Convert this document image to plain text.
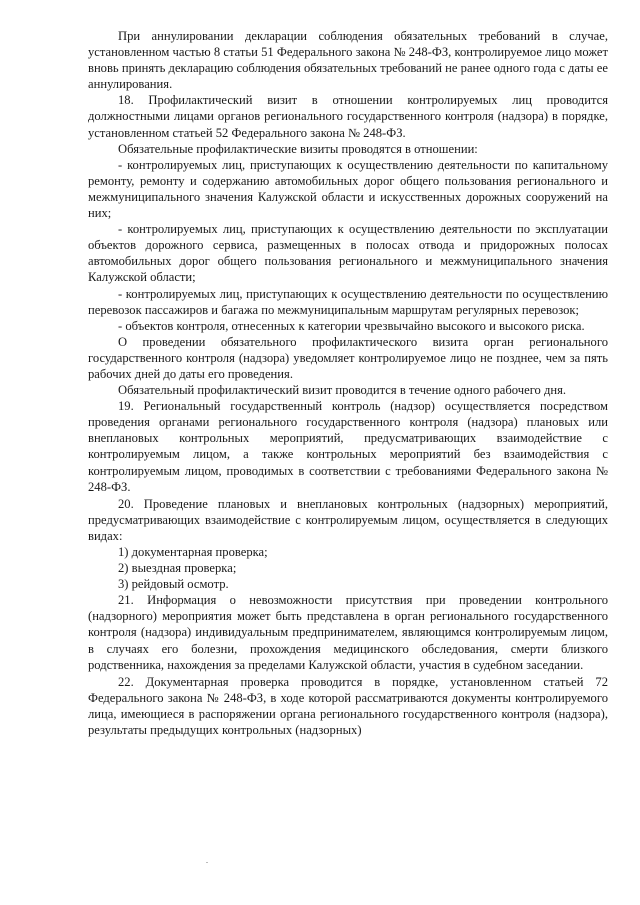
При аннулировании декларации соблюдения обязательных требований в случае, установленном частью 8 статьи 51 Федерального закона № 248-ФЗ, контролируемое лицо может вновь принять декларацию соблюдения обязательных требований не ранее одного года с даты ее аннулирования.

18. Профилактический визит в отношении контролируемых лиц проводится должностными лицами органов регионального государственного контроля (надзора) в порядке, установленном статьей 52 Федерального закона № 248-ФЗ.

Обязательные профилактические визиты проводятся в отношении:

- контролируемых лиц, приступающих к осуществлению деятельности по капитальному ремонту, ремонту и содержанию автомобильных дорог общего пользования регионального и межмуниципального значения Калужской области и искусственных дорожных сооружений на них;

- контролируемых лиц, приступающих к осуществлению деятельности по эксплуатации объектов дорожного сервиса, размещенных в полосах отвода и придорожных полосах автомобильных дорог общего пользования регионального и межмуниципального значения Калужской области;

- контролируемых лиц, приступающих к осуществлению деятельности по осуществлению перевозок пассажиров и багажа по межмуниципальным маршрутам регулярных перевозок;

- объектов контроля, отнесенных к категории чрезвычайно высокого и высокого риска.

О проведении обязательного профилактического визита орган регионального государственного контроля (надзора) уведомляет контролируемое лицо не позднее, чем за пять рабочих дней до даты его проведения.

Обязательный профилактический визит проводится в течение одного рабочего дня.

19. Региональный государственный контроль (надзор) осуществляется посредством проведения органами регионального государственного контроля (надзора) плановых или внеплановых контрольных мероприятий, предусматривающих взаимодействие с контролируемым лицом, а также контрольных мероприятий без взаимодействия с контролируемым лицом, проводимых в соответствии с требованиями Федерального закона № 248-ФЗ.

20. Проведение плановых и внеплановых контрольных (надзорных) мероприятий, предусматривающих взаимодействие с контролируемым лицом, осуществляется в следующих видах:

1) документарная проверка;

2) выездная проверка;

3) рейдовый осмотр.

21. Информация о невозможности присутствия при проведении контрольного (надзорного) мероприятия может быть представлена в орган регионального государственного контроля (надзора) индивидуальным предпринимателем, являющимся контролируемым лицом, в случаях его болезни, прохождения медицинского обследования, смерти близкого родственника, нахождения за пределами Калужской области, участия в судебном заседании.

22. Документарная проверка проводится в порядке, установленном статьей 72 Федерального закона № 248-ФЗ, в ходе которой рассматриваются документы контролируемого лица, имеющиеся в распоряжении органа регионального государственного контроля (надзора), результаты предыдущих контрольных (надзорных)
